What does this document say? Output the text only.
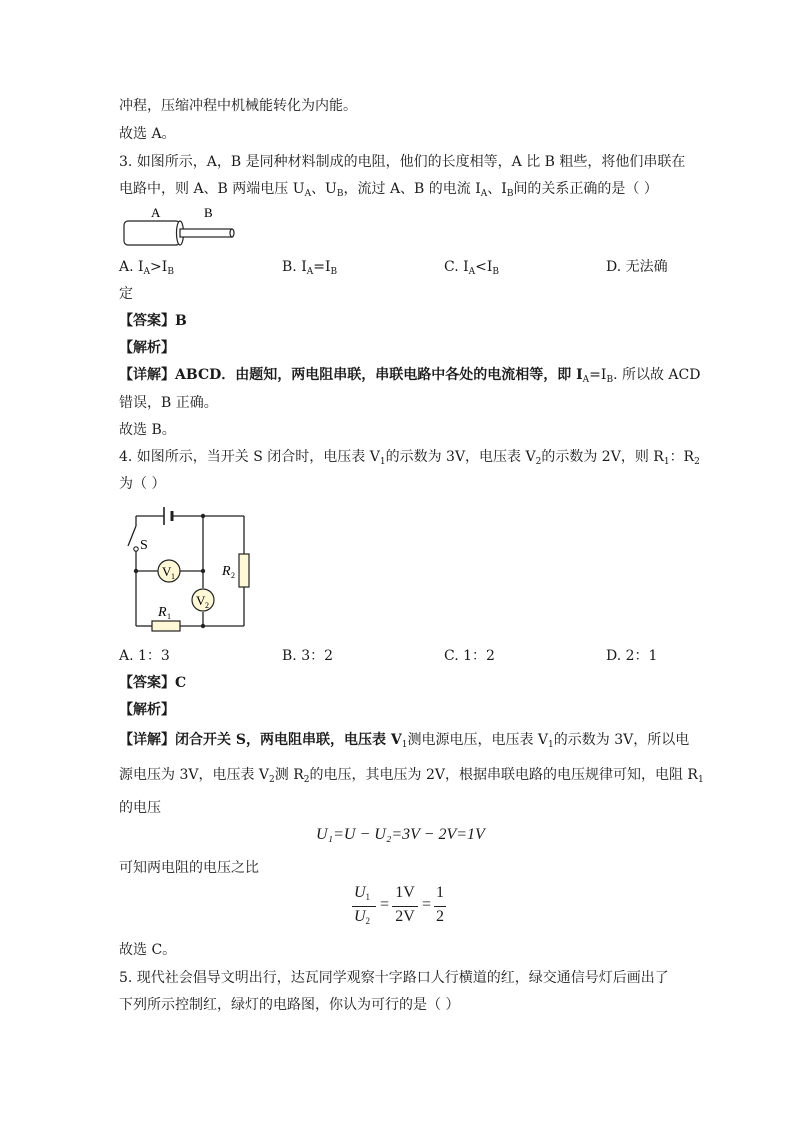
冲程，压缩冲程中机械能转化为内能。
故选 A。
3. 如图所示，A，B 是同种材料制成的电阻，他们的长度相等，A 比 B 粗些，将他们串联在
电路中，则 A、B 两端电压 $U_A$、$U_B$，流过 A、B 的电流 $I_A$、$I_B$间的关系正确的是（ ）
A	B
A. $I_A>I_B$	B. $I_A=I_B$	C. $I_A<I_B$	D. 无法确
定
【答案】B
【解析】
【详解】ABCD．由题知，两电阻串联，串联电路中各处的电流相等，即 $I_A=I_B$. 所以故 ACD
错误，B 正确。
故选 B。
4. 如图所示，当开关 S 闭合时，电压表 $V_1$的示数为 3V，电压表 $V_2$的示数为 2V，则 $R_1$：$R_2$
为（ ）
S
V 1
V 2
R 1
R 2
A. 1：3	B. 3：2	C. 1：2	D. 2：1
【答案】C
【解析】
【详解】闭合开关 S，两电阻串联，电压表 $V_1$测电源电压，电压表 $V_1$的示数为 3V，所以电
源电压为 3V，电压表 $V_2$测 $R_2$的电压，其电压为 2V，根据串联电路的电压规律可知，电阻 $R_1$
的电压
U₁=U − U₂=3V − 2V=1V
可知两电阻的电压之比
U1
U2
=
1V
2V
=
1
2
故选 C。
5. 现代社会倡导文明出行，达瓦同学观察十字路口人行横道的红，绿交通信号灯后画出了
下列所示控制红，绿灯的电路图，你认为可行的是（ ）
